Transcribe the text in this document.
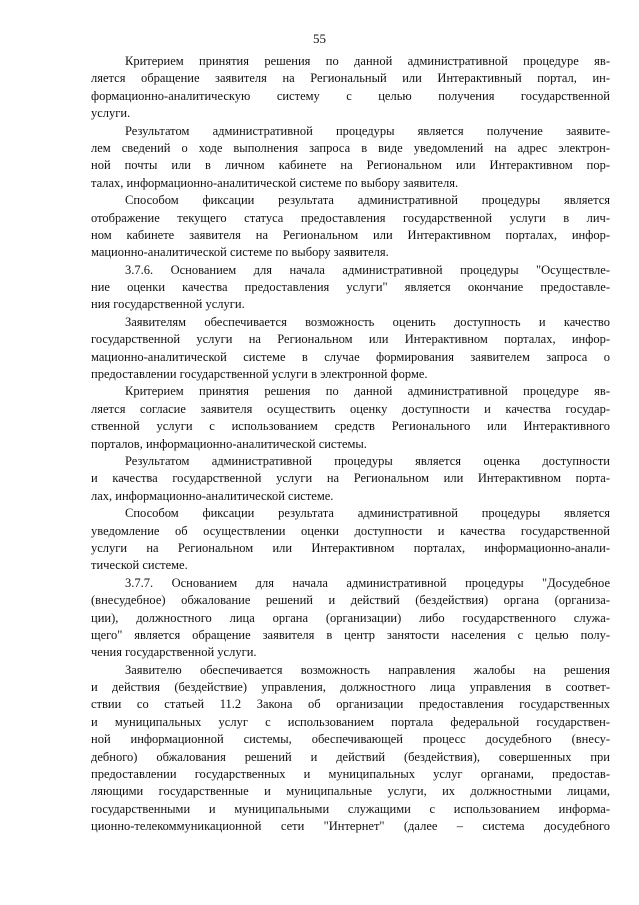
55
Критерием принятия решения по данной административной процедуре яв-
ляется обращение заявителя на Региональный или Интерактивный портал, ин-
формационно-аналитическую систему с целью получения государственной
услуги.
Результатом административной процедуры является получение заявите-
лем сведений о ходе выполнения запроса в виде уведомлений на адрес электрон-
ной почты или в личном кабинете на Региональном или Интерактивном пор-
талах, информационно-аналитической системе по выбору заявителя.
Способом фиксации результата административной процедуры является
отображение текущего статуса предоставления государственной услуги в лич-
ном кабинете заявителя на Региональном или Интерактивном порталах, инфор-
мационно-аналитической системе по выбору заявителя.
3.7.6. Основанием для начала административной процедуры "Осуществле-
ние оценки качества предоставления услуги" является окончание предоставле-
ния государственной услуги.
Заявителям обеспечивается возможность оценить доступность и качество
государственной услуги на Региональном или Интерактивном порталах, инфор-
мационно-аналитической системе в случае формирования заявителем запроса о
предоставлении государственной услуги в электронной форме.
Критерием принятия решения по данной административной процедуре яв-
ляется согласие заявителя осуществить оценку доступности и качества государ-
ственной услуги с использованием средств Регионального или Интерактивного
порталов, информационно-аналитической системы.
Результатом административной процедуры является оценка доступности
и качества государственной услуги на Региональном или Интерактивном порта-
лах, информационно-аналитической системе.
Способом фиксации результата административной процедуры является
уведомление об осуществлении оценки доступности и качества государственной
услуги на Региональном или Интерактивном порталах, информационно-анали-
тической системе.
3.7.7. Основанием для начала административной процедуры "Досудебное
(внесудебное) обжалование решений и действий (бездействия) органа (организа-
ции), должностного лица органа (организации) либо государственного служа-
щего" является обращение заявителя в центр занятости населения с целью полу-
чения государственной услуги.
Заявителю обеспечивается возможность направления жалобы на решения
и действия (бездействие) управления, должностного лица управления в соответ-
ствии со статьей 11.2 Закона об организации предоставления государственных
и муниципальных услуг с использованием портала федеральной государствен-
ной информационной системы, обеспечивающей процесс досудебного (внесу-
дебного) обжалования решений и действий (бездействия), совершенных при
предоставлении государственных и муниципальных услуг органами, предостав-
ляющими государственные и муниципальные услуги, их должностными лицами,
государственными и муниципальными служащими с использованием информа-
ционно-телекоммуникационной сети "Интернет" (далее – система досудебного
